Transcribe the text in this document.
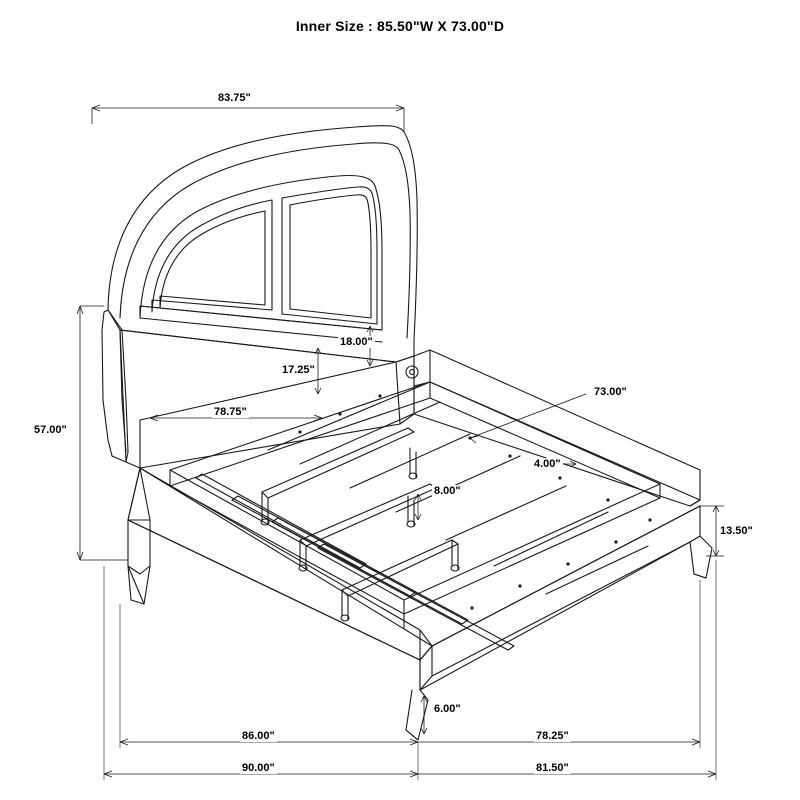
Inner Size : 85.50"W X 73.00"D
83.75"
57.00"
18.00"
17.25"
78.75"
73.00"
4.00"
8.00"
13.50"
6.00"
86.00"	78.25"
90.00"	81.50"
